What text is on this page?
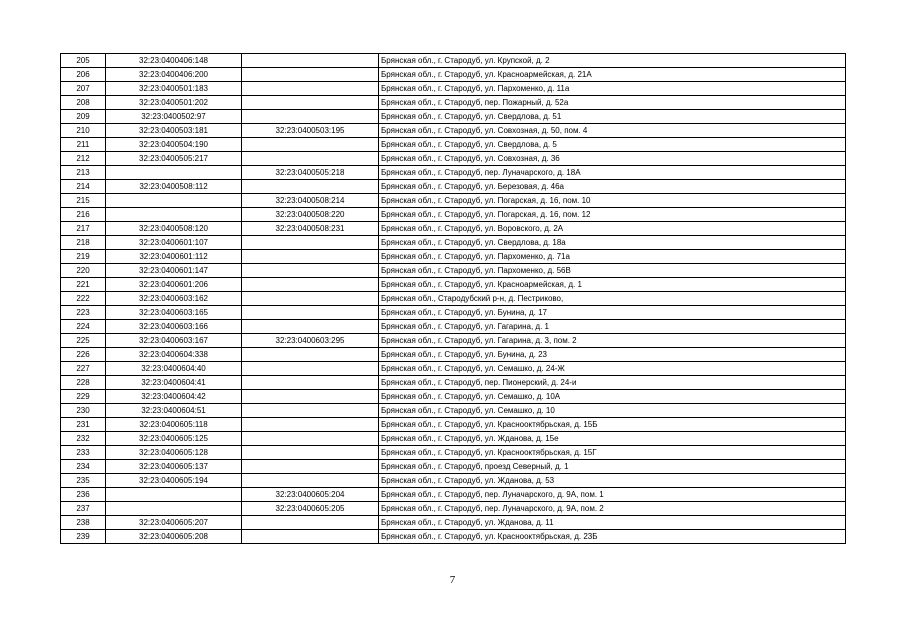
205	32:23:0400406:148		Брянская обл., г. Стародуб, ул. Крупской, д. 2
206	32:23:0400406:200		Брянская обл., г. Стародуб, ул. Красноармейская, д. 21А
207	32:23:0400501:183		Брянская обл., г. Стародуб, ул. Пархоменко, д. 11а
208	32:23:0400501:202		Брянская обл., г. Стародуб, пер. Пожарный, д. 52а
209	32:23:0400502:97		Брянская обл., г. Стародуб, ул. Свердлова, д. 51
210	32:23:0400503:181	32:23:0400503:195	Брянская обл., г. Стародуб, ул. Совхозная, д. 50, пом. 4
211	32:23:0400504:190		Брянская обл., г. Стародуб, ул. Свердлова, д. 5
212	32:23:0400505:217		Брянская обл., г. Стародуб, ул. Совхозная, д. 36
213		32:23:0400505:218	Брянская обл., г. Стародуб, пер. Луначарского, д. 18А
214	32:23:0400508:112		Брянская обл., г. Стародуб, ул. Березовая, д. 46а
215		32:23:0400508:214	Брянская обл., г. Стародуб, ул. Погарская, д. 16, пом. 10
216		32:23:0400508:220	Брянская обл., г. Стародуб, ул. Погарская, д. 16, пом. 12
217	32:23:0400508:120	32:23:0400508:231	Брянская обл., г. Стародуб, ул. Воровского, д. 2А
218	32:23:0400601:107		Брянская обл., г. Стародуб, ул. Свердлова, д. 18а
219	32:23:0400601:112		Брянская обл., г. Стародуб, ул. Пархоменко, д. 71а
220	32:23:0400601:147		Брянская обл., г. Стародуб, ул. Пархоменко, д. 56В
221	32:23:0400601:206		Брянская обл., г. Стародуб, ул. Красноармейская, д. 1
222	32:23:0400603:162		Брянская обл., Стародубский р-н, д. Пестриково,
223	32:23:0400603:165		Брянская обл., г. Стародуб, ул. Бунина, д. 17
224	32:23:0400603:166		Брянская обл., г. Стародуб, ул. Гагарина, д. 1
225	32:23:0400603:167	32:23:0400603:295	Брянская обл., г. Стародуб, ул. Гагарина, д. 3, пом. 2
226	32:23:0400604:338		Брянская обл., г. Стародуб, ул. Бунина, д. 23
227	32:23:0400604:40		Брянская обл., г. Стародуб, ул. Семашко, д. 24-Ж
228	32:23:0400604:41		Брянская обл., г. Стародуб, пер. Пионерский, д. 24-и
229	32:23:0400604:42		Брянская обл., г. Стародуб, ул. Семашко, д. 10А
230	32:23:0400604:51		Брянская обл., г. Стародуб, ул. Семашко, д. 10
231	32:23:0400605:118		Брянская обл., г. Стародуб, ул. Краснооктябрьская, д. 15Б
232	32:23:0400605:125		Брянская обл., г. Стародуб, ул. Жданова, д. 15е
233	32:23:0400605:128		Брянская обл., г. Стародуб, ул. Краснооктябрьская, д. 15Г
234	32:23:0400605:137		Брянская обл., г. Стародуб, проезд Северный, д. 1
235	32:23:0400605:194		Брянская обл., г. Стародуб, ул. Жданова, д. 53
236		32:23:0400605:204	Брянская обл., г. Стародуб, пер. Луначарского, д. 9А, пом. 1
237		32:23:0400605:205	Брянская обл., г. Стародуб, пер. Луначарского, д. 9А, пом. 2
238	32:23:0400605:207		Брянская обл., г. Стародуб, ул. Жданова, д. 11
239	32:23:0400605:208		Брянская обл., г. Стародуб, ул. Краснооктябрьская, д. 23Б
7
